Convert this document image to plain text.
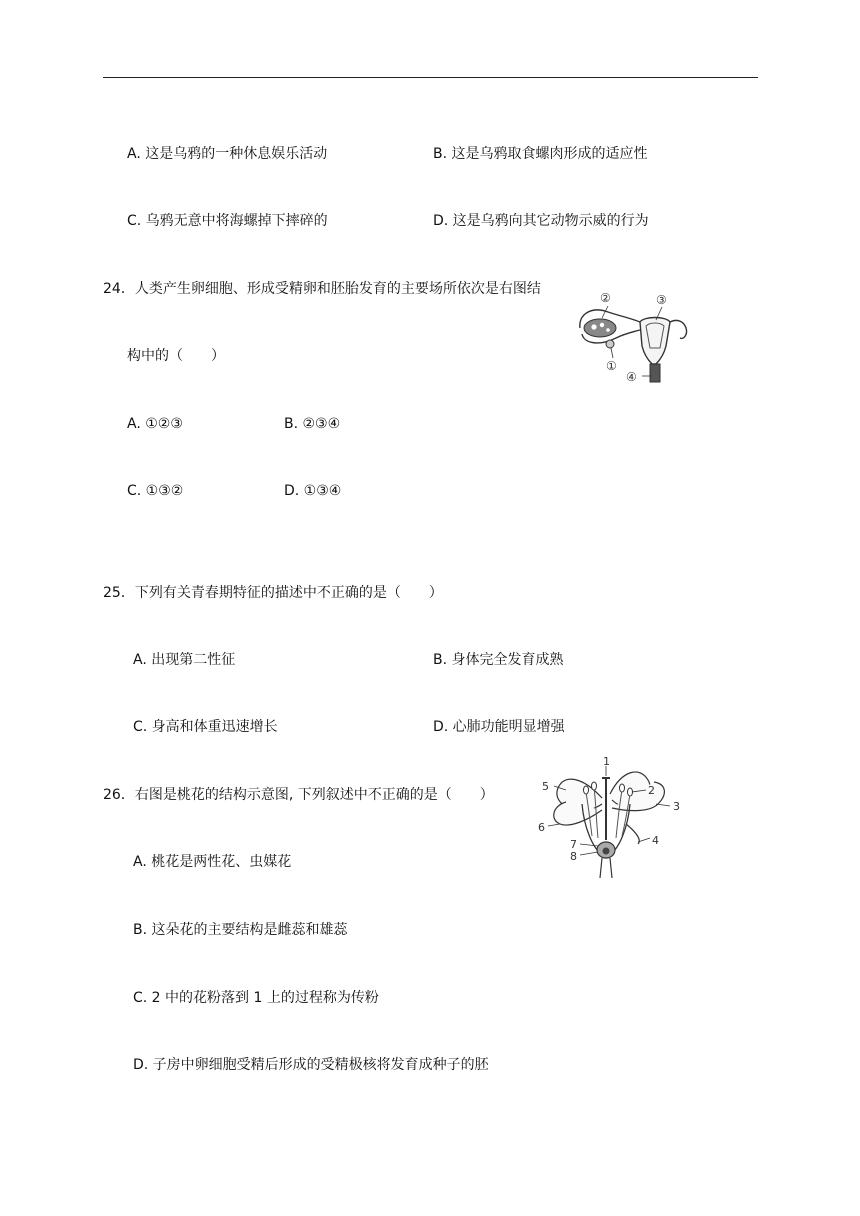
A. 这是乌鸦的一种休息娱乐活动	B. 这是乌鸦取食螺肉形成的适应性
C. 乌鸦无意中将海螺掉下摔碎的	D. 这是乌鸦向其它动物示威的行为
24．人类产生卵细胞、形成受精卵和胚胎发育的主要场所依次是右图结
构中的（　　）
A. ①②③	B. ②③④
C. ①③②	D. ①③④
②	③
①
④
25．下列有关青春期特征的描述中不正确的是（　　）
A. 出现第二性征	B. 身体完全发育成熟
C. 身高和体重迅速增长	D. 心肺功能明显增强
26．右图是桃花的结构示意图, 下列叙述中不正确的是（　　）
A. 桃花是两性花、虫媒花
B. 这朵花的主要结构是雌蕊和雄蕊
C. 2 中的花粉落到 1 上的过程称为传粉
D. 子房中卵细胞受精后形成的受精极核将发育成种子的胚
1
2
3
4
5
6
7
8
